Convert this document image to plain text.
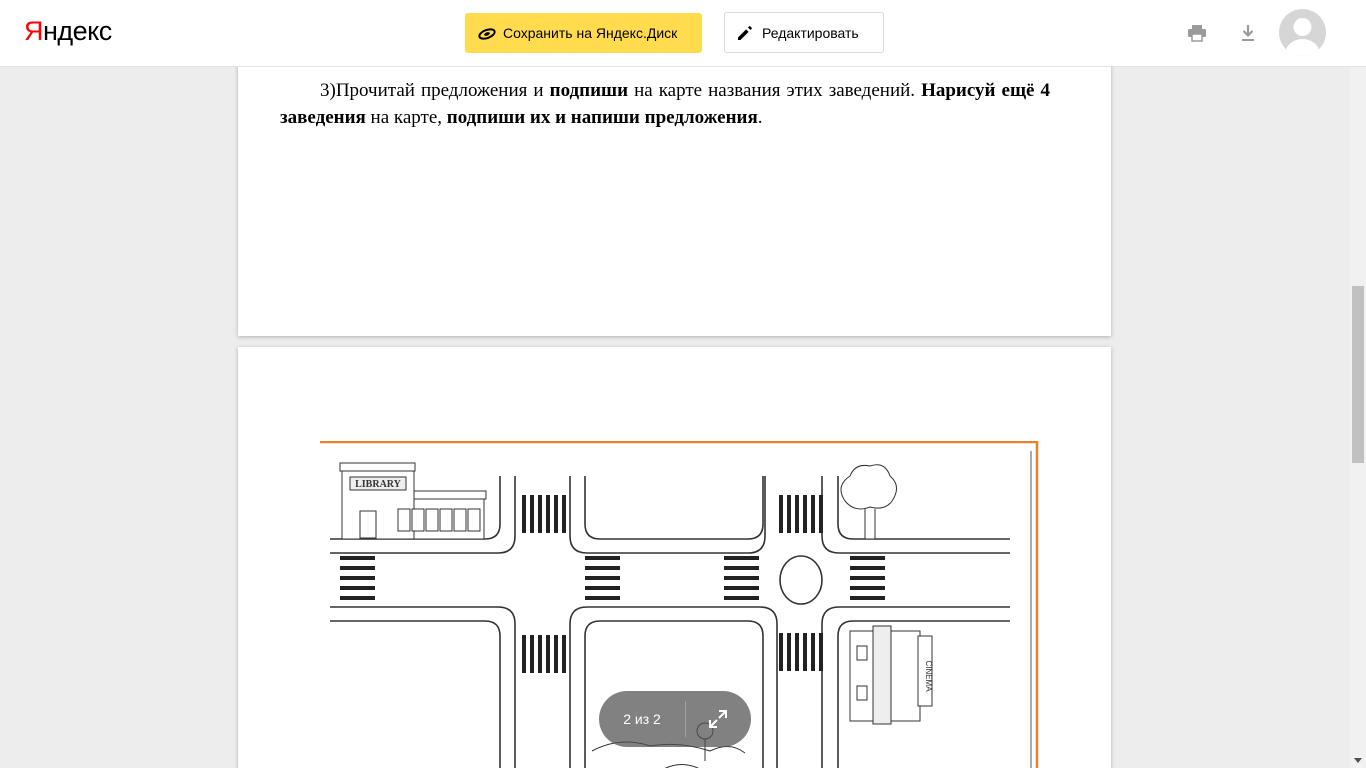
Яндекс	Сохранить на Яндекс.Диск	Редактировать

3)Прочитай предложения и подпиши на карте названия этих заведений. Нарисуй ещё 4 заведения на карте, подпиши их и напиши предложения.

LIBRARY
CINEMA
2 из 2
